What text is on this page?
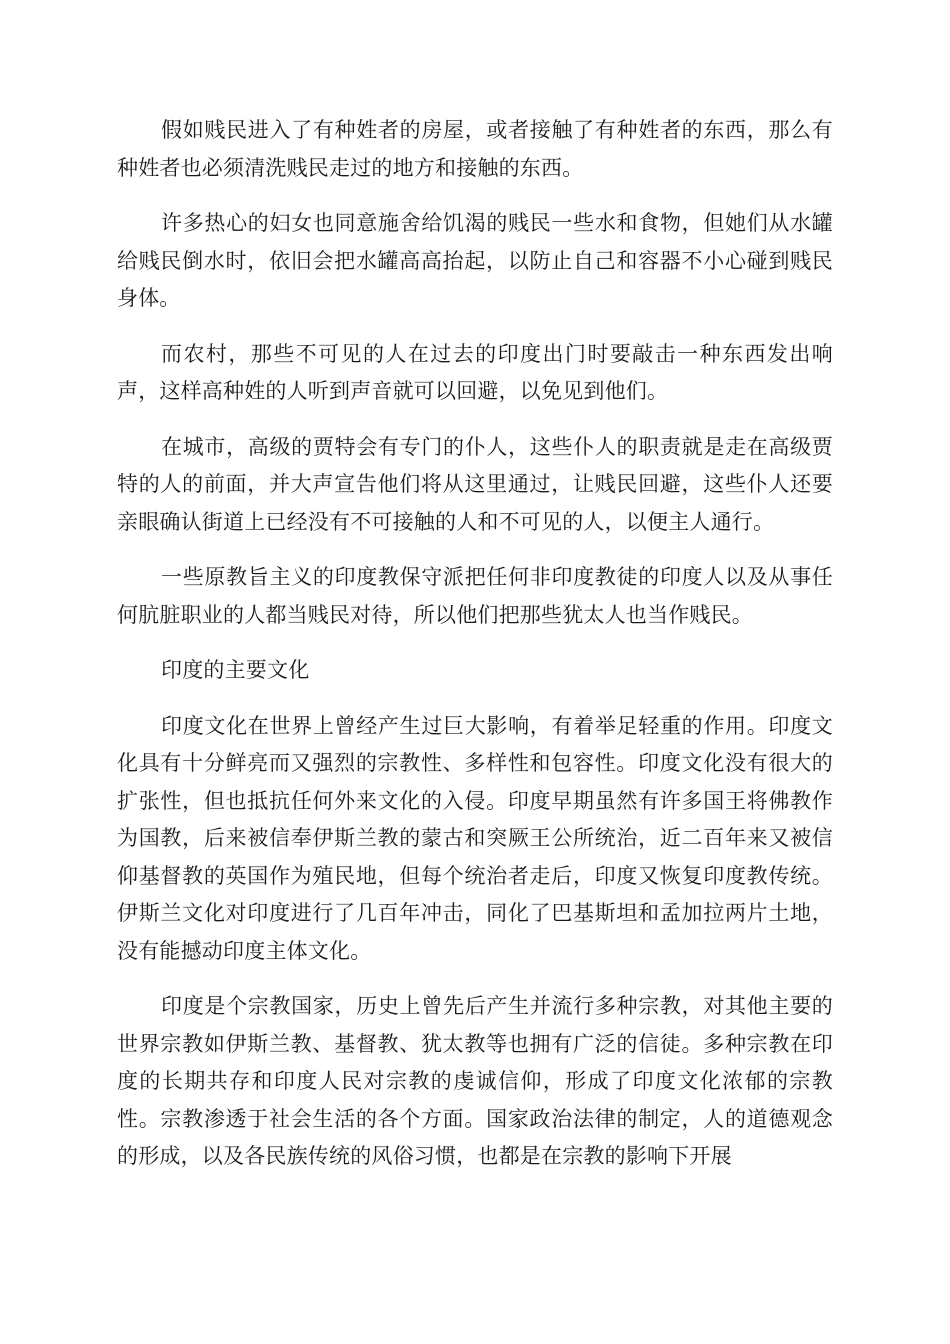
假如贱民进入了有种姓者的房屋，或者接触了有种姓者的东西，那么有种姓者也必须清洗贱民走过的地方和接触的东西。

许多热心的妇女也同意施舍给饥渴的贱民一些水和食物，但她们从水罐给贱民倒水时，依旧会把水罐高高抬起，以防止自己和容器不小心碰到贱民身体。

而农村，那些不可见的人在过去的印度出门时要敲击一种东西发出响声，这样高种姓的人听到声音就可以回避，以免见到他们。

在城市，高级的贾特会有专门的仆人，这些仆人的职责就是走在高级贾特的人的前面，并大声宣告他们将从这里通过，让贱民回避，这些仆人还要亲眼确认街道上已经没有不可接触的人和不可见的人，以便主人通行。

一些原教旨主义的印度教保守派把任何非印度教徒的印度人以及从事任何肮脏职业的人都当贱民对待，所以他们把那些犹太人也当作贱民。

印度的主要文化

印度文化在世界上曾经产生过巨大影响，有着举足轻重的作用。印度文化具有十分鲜亮而又强烈的宗教性、多样性和包容性。印度文化没有很大的扩张性，但也抵抗任何外来文化的入侵。印度早期虽然有许多国王将佛教作为国教，后来被信奉伊斯兰教的蒙古和突厥王公所统治，近二百年来又被信仰基督教的英国作为殖民地，但每个统治者走后，印度又恢复印度教传统。伊斯兰文化对印度进行了几百年冲击，同化了巴基斯坦和孟加拉两片土地，没有能撼动印度主体文化。

印度是个宗教国家，历史上曾先后产生并流行多种宗教，对其他主要的世界宗教如伊斯兰教、基督教、犹太教等也拥有广泛的信徒。多种宗教在印度的长期共存和印度人民对宗教的虔诚信仰，形成了印度文化浓郁的宗教性。宗教渗透于社会生活的各个方面。国家政治法律的制定，人的道德观念的形成，以及各民族传统的风俗习惯，也都是在宗教的影响下开展
